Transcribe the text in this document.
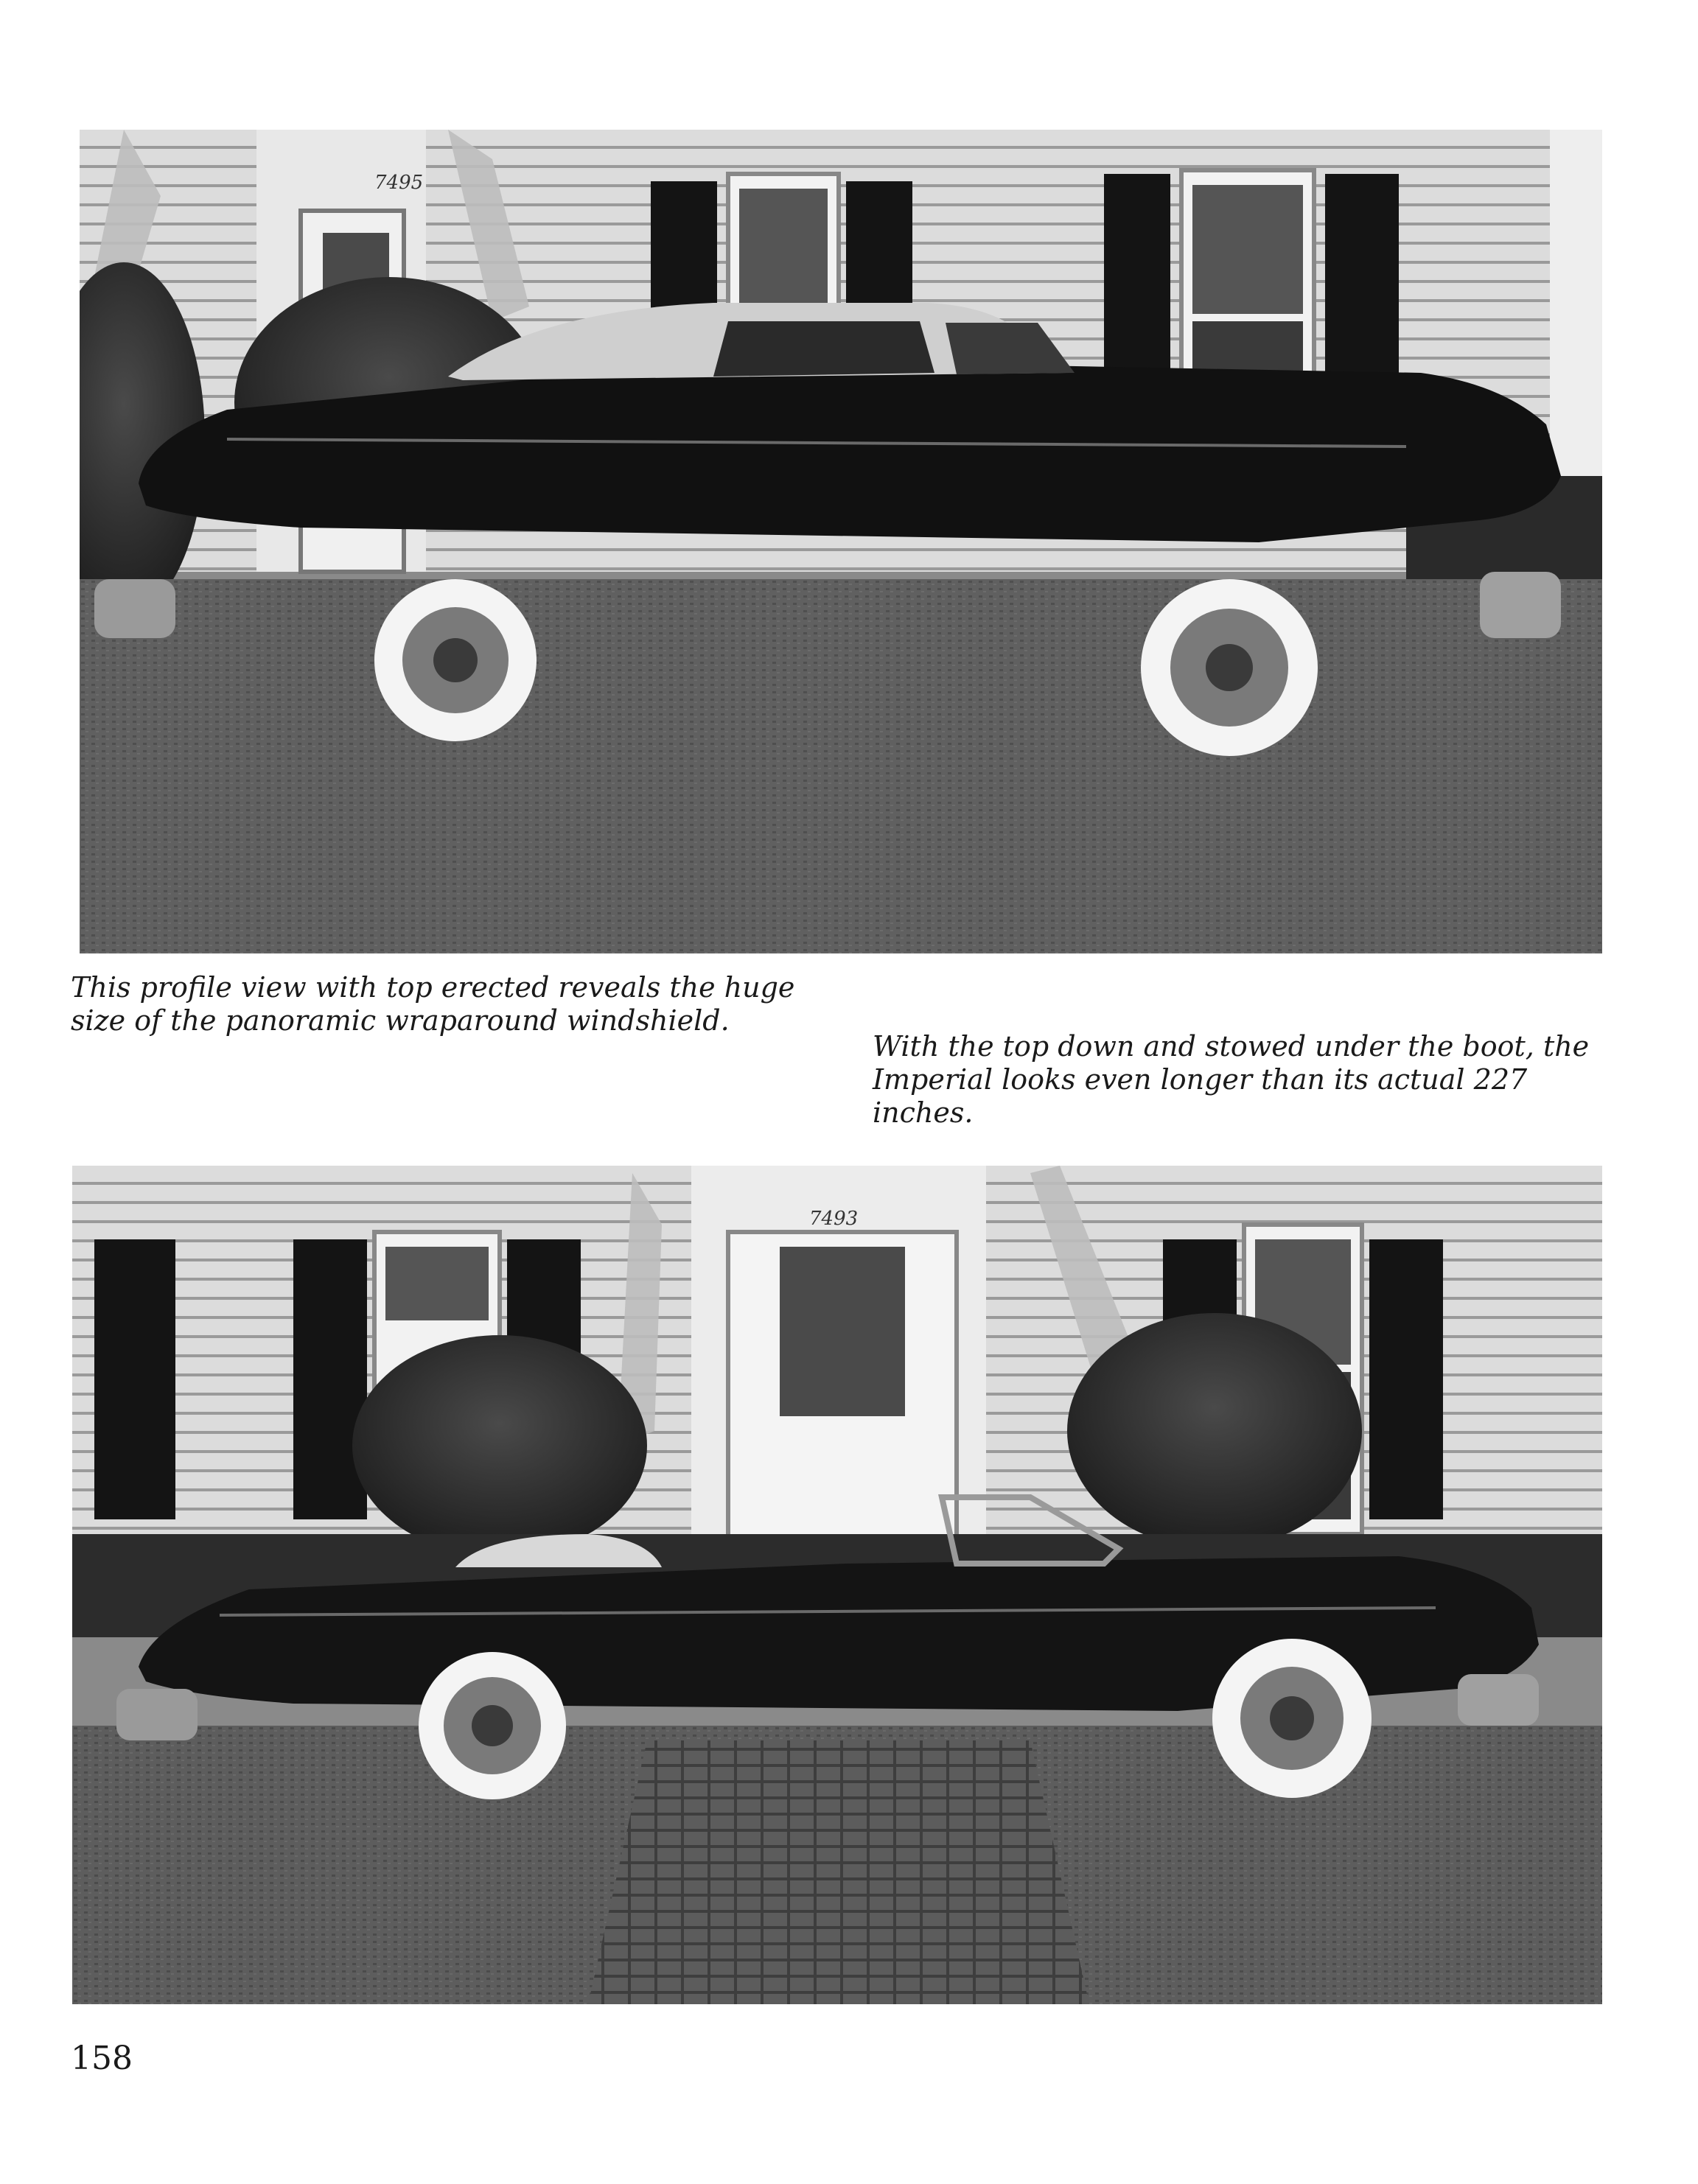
7495
This profile view with top erected reveals the huge
size of the panoramic wraparound windshield.
With the top down and stowed under the boot, the
Imperial looks even longer than its actual 227
inches.
7493
158
